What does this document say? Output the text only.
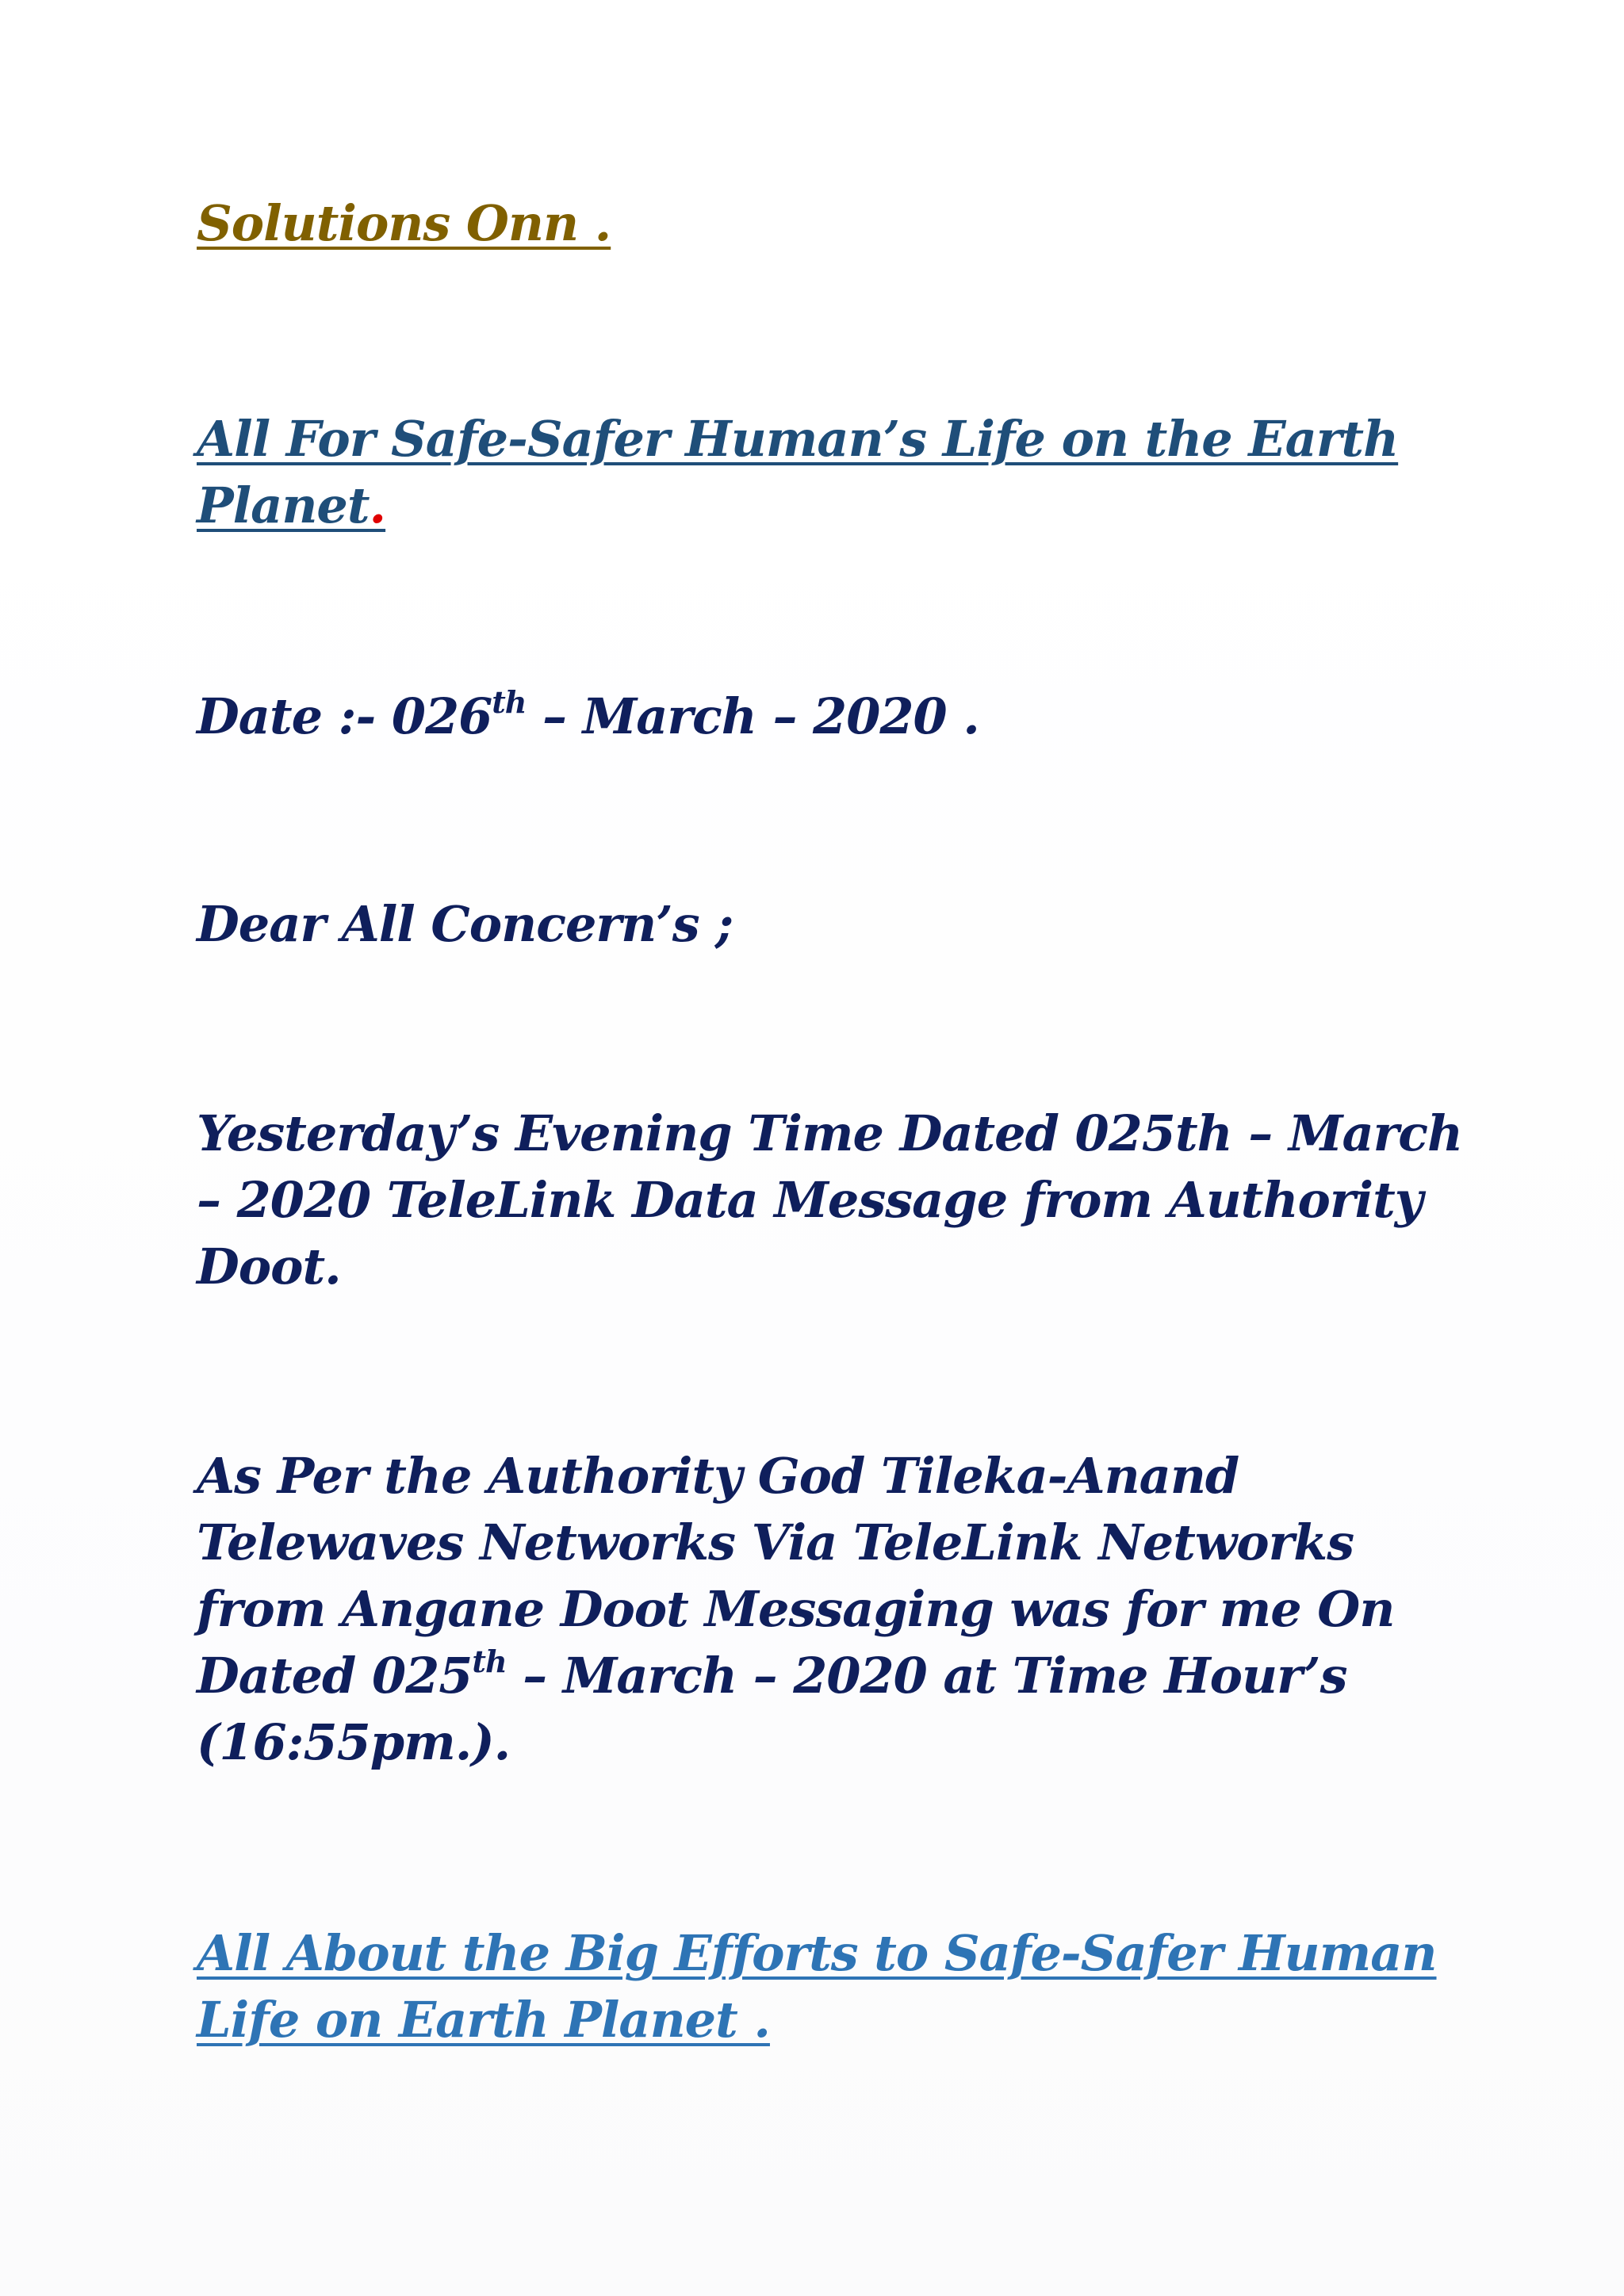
Solutions Onn .
All For Safe-Safer Human’s Life on the Earth
Planet.
Date :- 026th – March – 2020 .
Dear All Concern’s ;
Yesterday’s Evening Time Dated 025th – March
– 2020 TeleLink Data Message from Authority
Doot.
As Per the Authority God Tileka-Anand
Telewaves Networks Via TeleLink Networks
from Angane Doot Messaging was for me On
Dated 025th – March – 2020 at Time Hour’s
(16:55pm.).
All About the Big Efforts to Safe-Safer Human
Life on Earth Planet .
